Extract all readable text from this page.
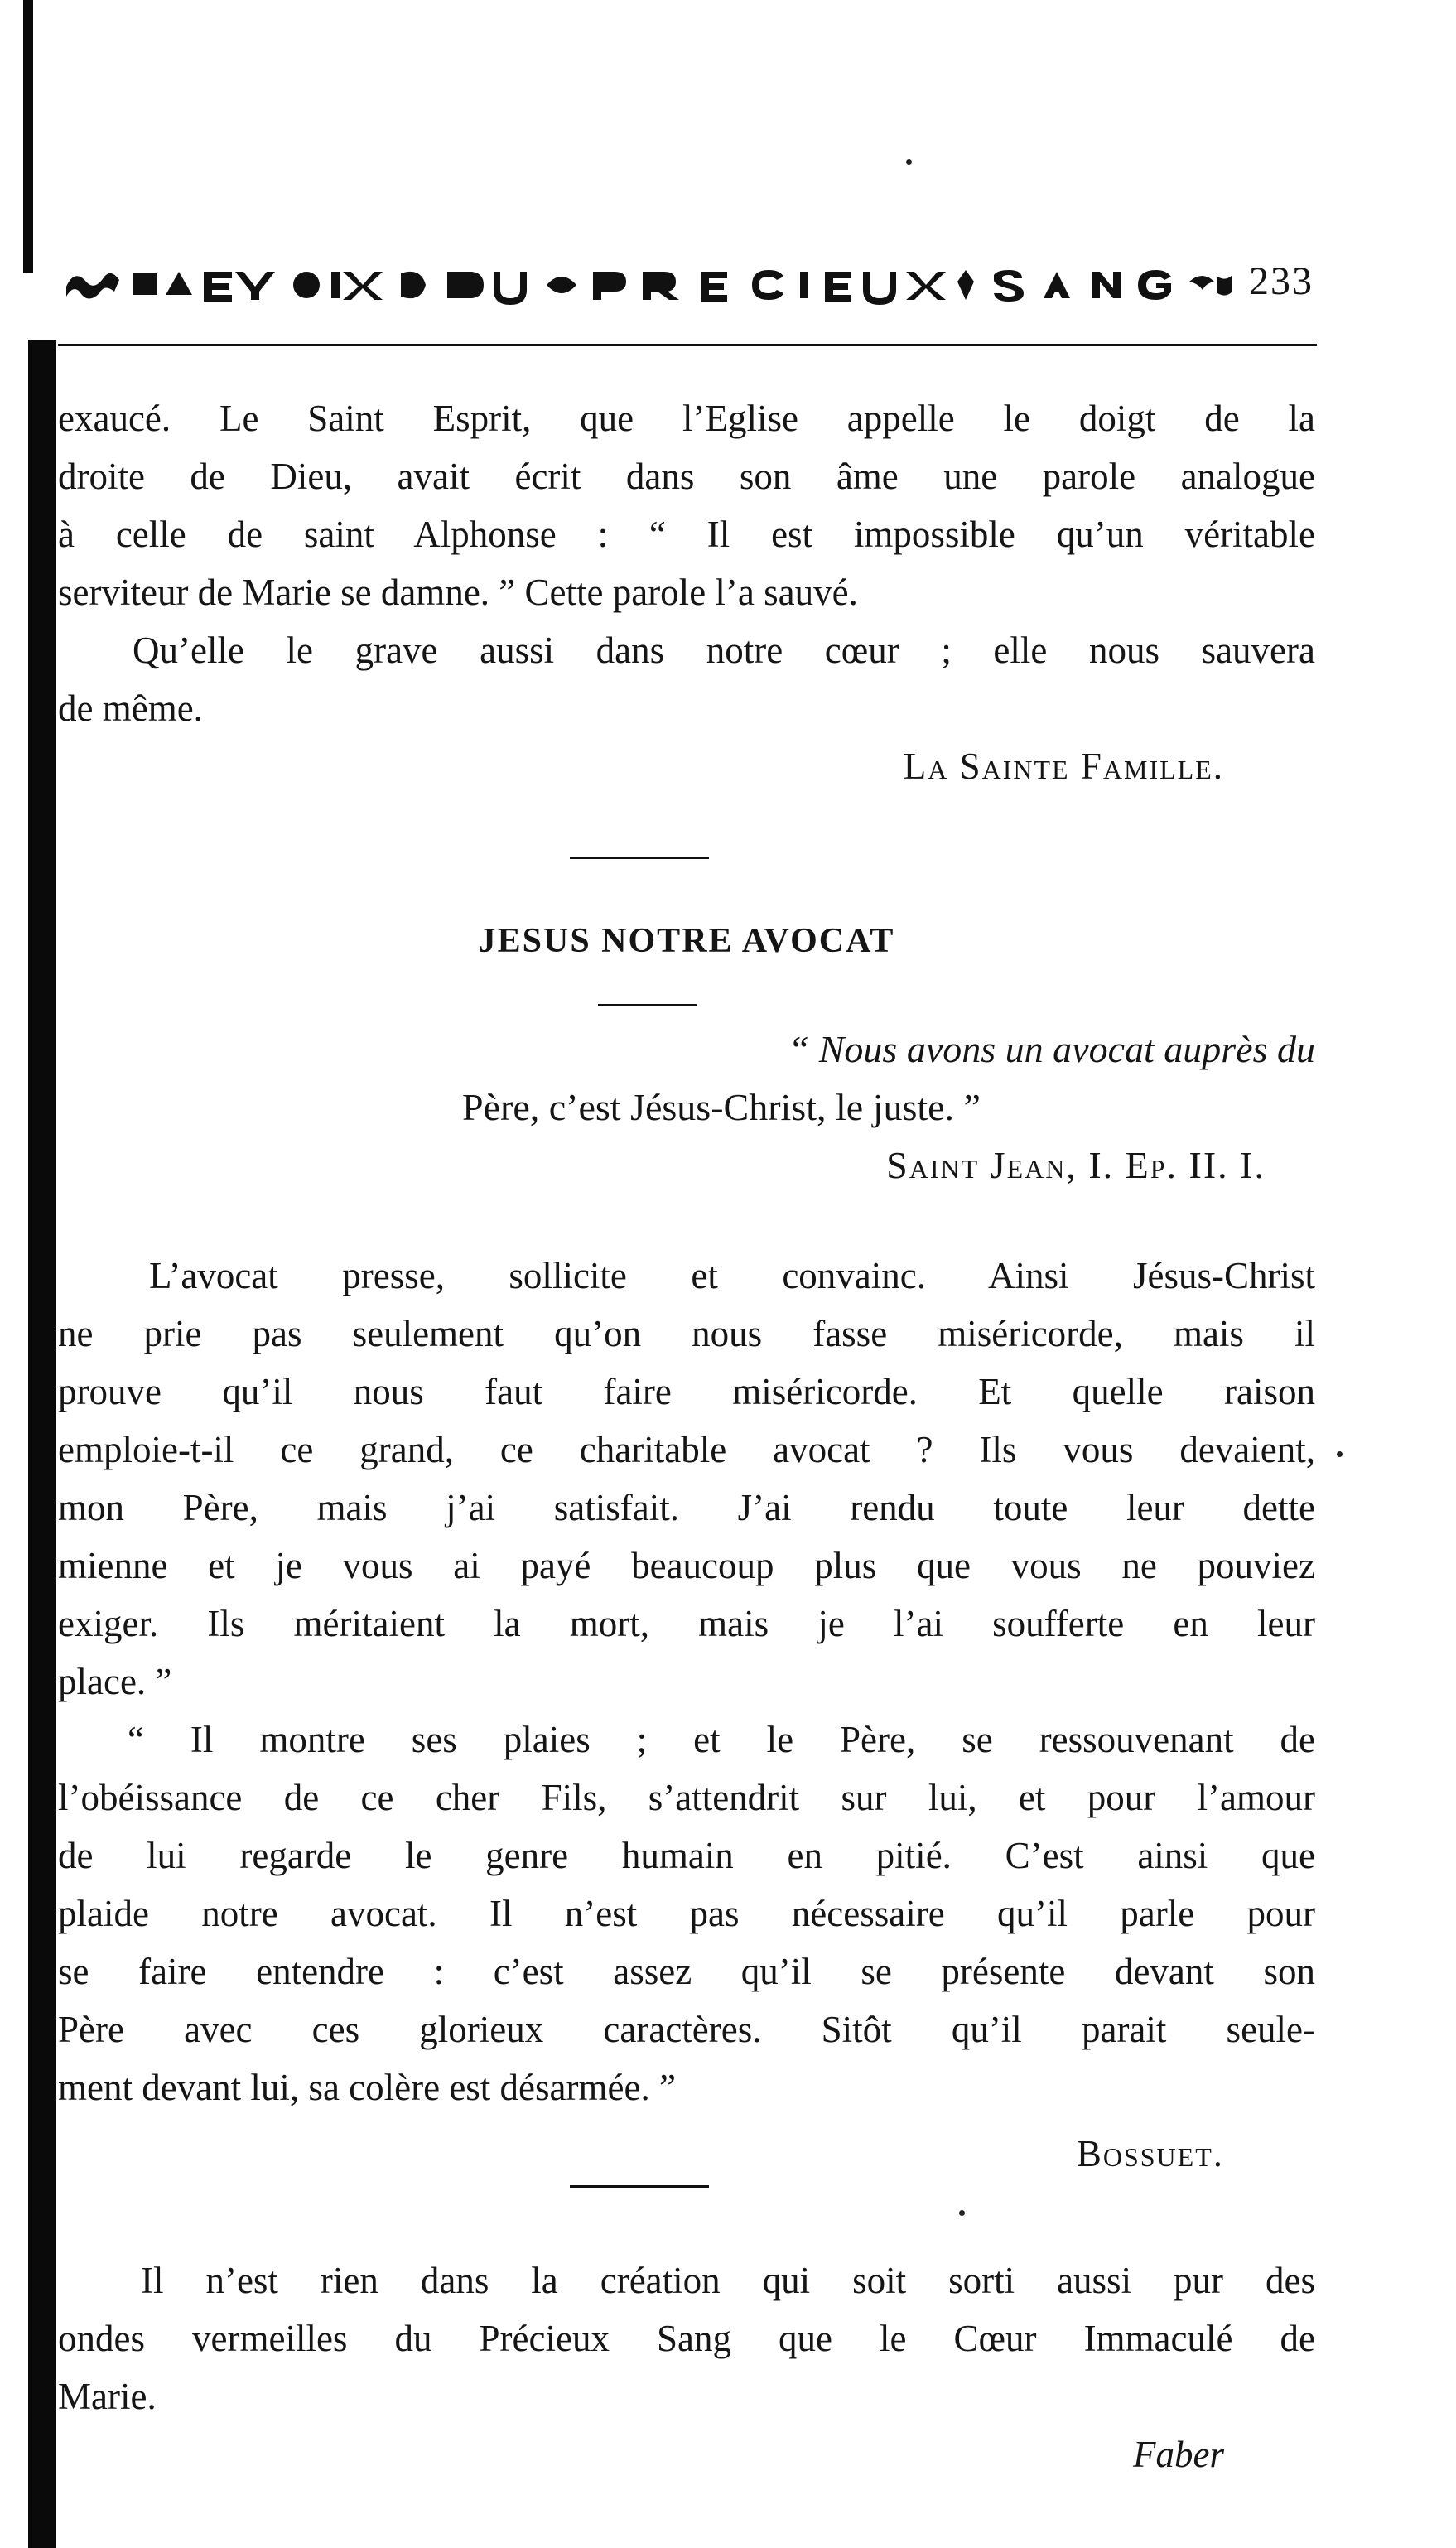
233
exaucé. Le Saint Esprit, que l’Eglise appelle le doigt de la
droite de Dieu, avait écrit dans son âme une parole analogue
à celle de saint Alphonse : “ Il est impossible qu’un véritable
serviteur de Marie se damne. ” Cette parole l’a sauvé.
Qu’elle le grave aussi dans notre cœur ; elle nous sauvera
de même.
La Sainte Famille.
JESUS NOTRE AVOCAT
“ Nous avons un avocat auprès du
Père, c’est Jésus-Christ, le juste. ”
Saint Jean, I. Ep. II. I.
L’avocat presse, sollicite et convainc. Ainsi Jésus-Christ
ne prie pas seulement qu’on nous fasse miséricorde, mais il
prouve qu’il nous faut faire miséricorde. Et quelle raison
emploie-t-il ce grand, ce charitable avocat ? Ils vous devaient,
mon Père, mais j’ai satisfait. J’ai rendu toute leur dette
mienne et je vous ai payé beaucoup plus que vous ne pouviez
exiger. Ils méritaient la mort, mais je l’ai soufferte en leur
place. ”
“ Il montre ses plaies ; et le Père, se ressouvenant de
l’obéissance de ce cher Fils, s’attendrit sur lui, et pour l’amour
de lui regarde le genre humain en pitié. C’est ainsi que
plaide notre avocat. Il n’est pas nécessaire qu’il parle pour
se faire entendre : c’est assez qu’il se présente devant son
Père avec ces glorieux caractères. Sitôt qu’il parait seule-
ment devant lui, sa colère est désarmée. ”
Bossuet.
Il n’est rien dans la création qui soit sorti aussi pur des
ondes vermeilles du Précieux Sang que le Cœur Immaculé de
Marie.
Faber
